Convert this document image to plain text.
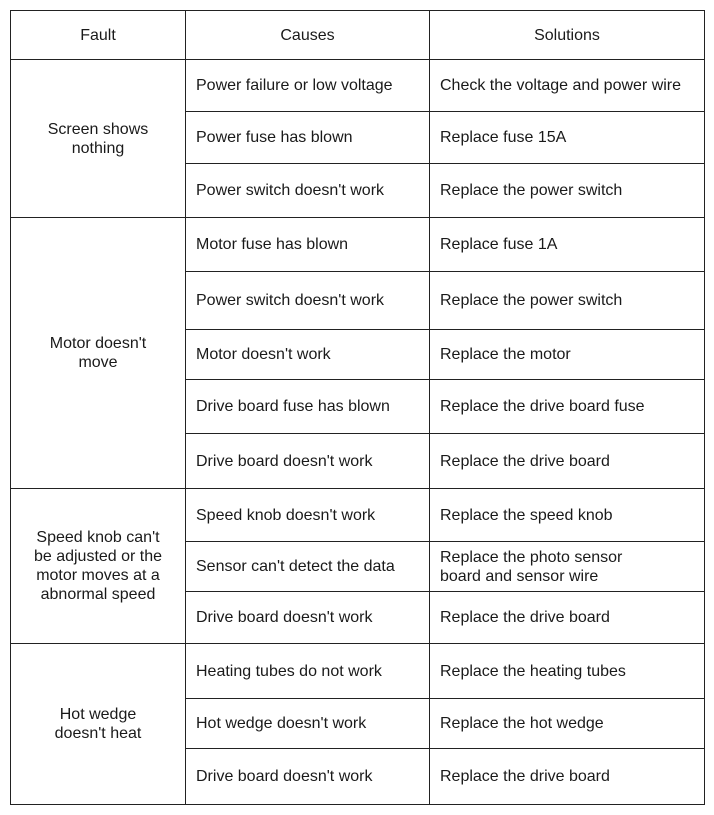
Fault	Causes	Solutions
Screen shows nothing	Power failure or low voltage	Check the voltage and power wire

	Power fuse has blown	Replace fuse 15A

	Power switch doesn't work	Replace the power switch

Motor doesn't move	Motor fuse has blown	Replace fuse 1A

	Power switch doesn't work	Replace the power switch

	Motor doesn't work	Replace the motor

	Drive board fuse has blown	Replace the drive board fuse

	Drive board doesn't work	Replace the drive board

Speed knob can't be adjusted or the motor moves at a abnormal speed	Speed knob doesn't work	Replace the speed knob

	Sensor can't detect the data	Replace the photo sensor board and sensor wire

	Drive board doesn't work	Replace the drive board

Hot wedge doesn't heat	Heating tubes do not work	Replace the heating tubes

	Hot wedge doesn't work	Replace the hot wedge

	Drive board doesn't work	Replace the drive board
